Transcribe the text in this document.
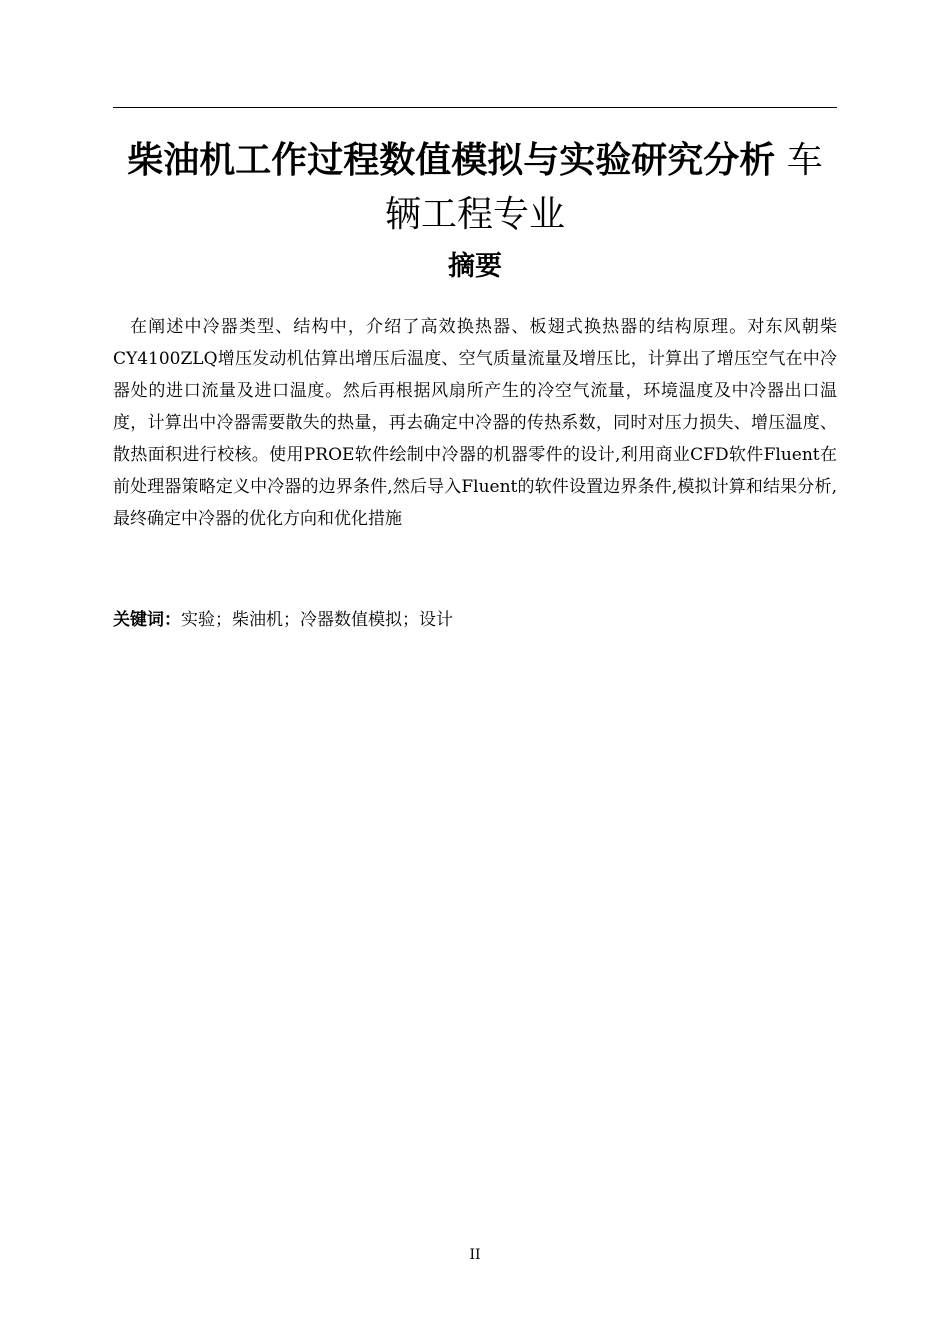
柴油机工作过程数值模拟与实验研究分析 车辆工程专业
摘要

在阐述中冷器类型、结构中，介绍了高效换热器、板翅式换热器的结构原理。对东风朝柴CY4100ZLQ增压发动机估算出增压后温度、空气质量流量及增压比，计算出了增压空气在中冷器处的进口流量及进口温度。然后再根据风扇所产生的冷空气流量，环境温度及中冷器出口温度，计算出中冷器需要散失的热量，再去确定中冷器的传热系数，同时对压力损失、增压温度、散热面积进行校核。使用PROE软件绘制中冷器的机器零件的设计,利用商业CFD软件Fluent在前处理器策略定义中冷器的边界条件,然后导入Fluent的软件设置边界条件,模拟计算和结果分析,最终确定中冷器的优化方向和优化措施

关键词：实验；柴油机；冷器数值模拟；设计

II
